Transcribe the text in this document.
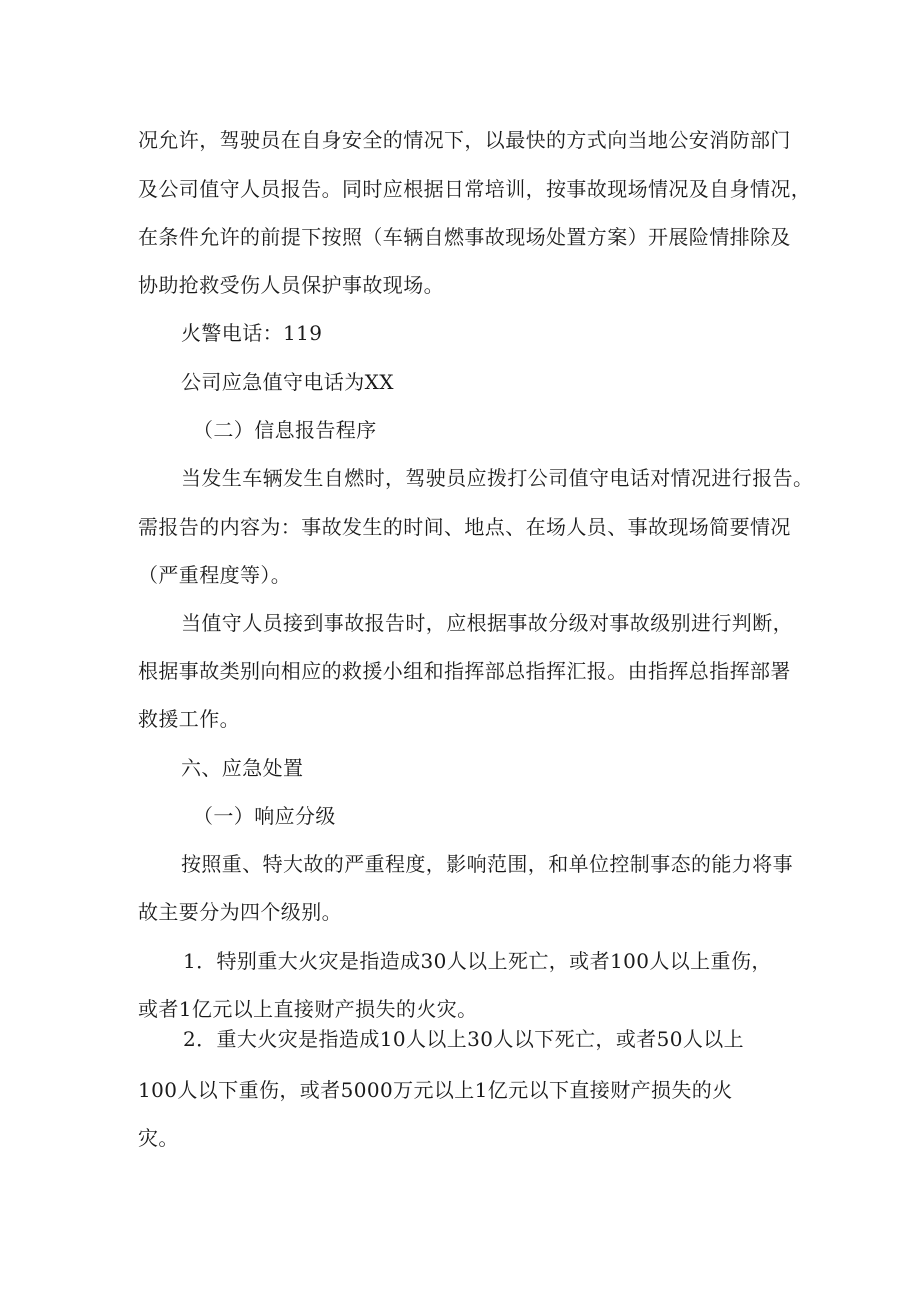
况允许，驾驶员在自身安全的情况下，以最快的方式向当地公安消防部门
及公司值守人员报告。同时应根据日常培训，按事故现场情况及自身情况，
在条件允许的前提下按照（车辆自燃事故现场处置方案）开展险情排除及
协助抢救受伤人员保护事故现场。
火警电话：119
公司应急值守电话为XX
（二）信息报告程序
当发生车辆发生自燃时，驾驶员应拨打公司值守电话对情况进行报告。
需报告的内容为：事故发生的时间、地点、在场人员、事故现场简要情况
（严重程度等）。
当值守人员接到事故报告时，应根据事故分级对事故级别进行判断，
根据事故类别向相应的救援小组和指挥部总指挥汇报。由指挥总指挥部署
救援工作。
六、应急处置
（一）响应分级
按照重、特大故的严重程度，影响范围，和单位控制事态的能力将事
故主要分为四个级别。
1．特别重大火灾是指造成30人以上死亡，或者100人以上重伤，
或者1亿元以上直接财产损失的火灾。
2．重大火灾是指造成10人以上30人以下死亡，或者50人以上
100人以下重伤，或者5000万元以上1亿元以下直接财产损失的火
灾。
